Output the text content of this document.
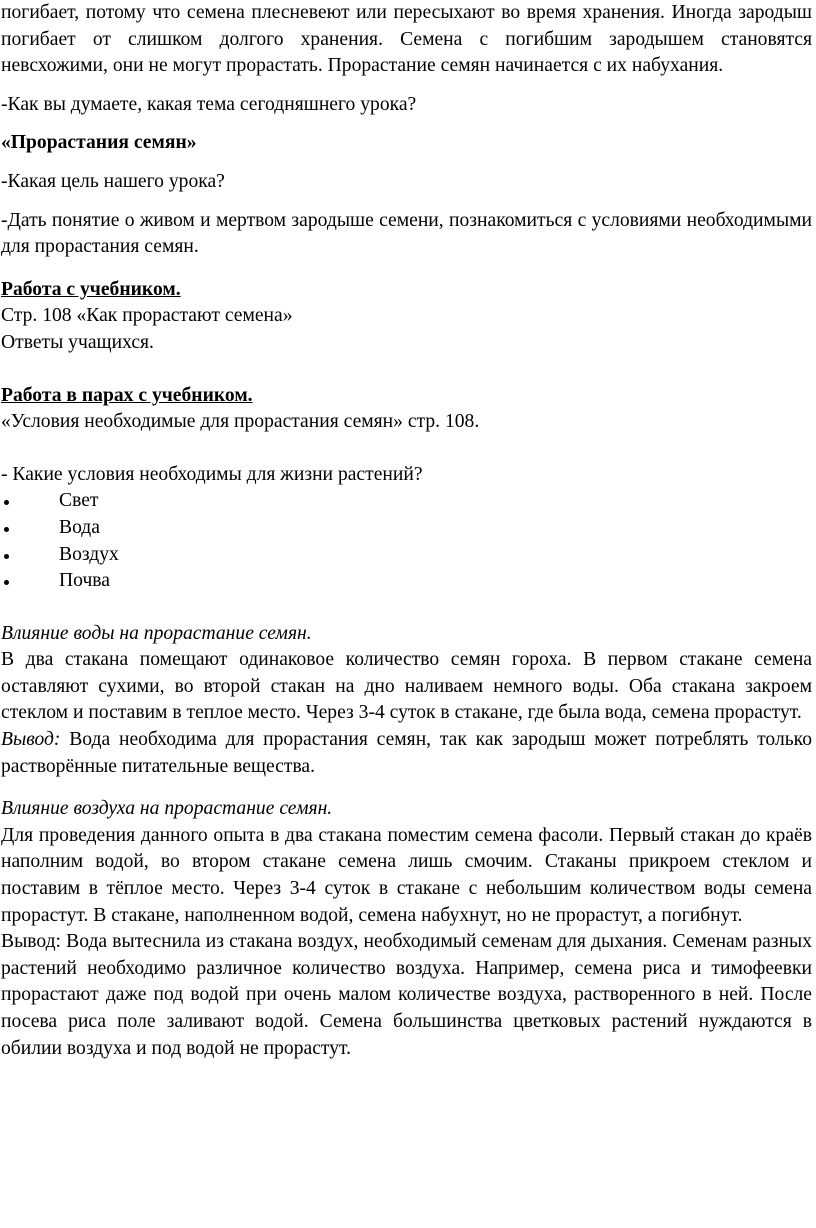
погибает, потому что семена плесневеют или пересыхают во время хранения. Иногда зародыш погибает от слишком долгого хранения. Семена с погибшим зародышем становятся невсхожими, они не могут прорастать. Прорастание семян начинается с их набухания.

-Как вы думаете, какая тема сегодняшнего урока?

«Прорастания семян»

-Какая цель нашего урока?

-Дать понятие о живом и мертвом зародыше семени, познакомиться с условиями необходимыми для прорастания семян.

Работа с учебником.

Стр. 108 «Как прорастают семена»

Ответы учащихся.

Работа в парах с учебником.

«Условия необходимые для прорастания семян» стр. 108.

- Какие условия необходимы для жизни растений?

Свет
Вода
Воздух
Почва

Влияние воды на прорастание семян.

В два стакана помещают одинаковое количество семян гороха. В первом стакане семена оставляют сухими, во второй стакан на дно наливаем немного воды. Оба стакана закроем стеклом и поставим в теплое место. Через 3-4 суток в стакане, где была вода, семена прорастут.

Вывод: Вода необходима для прорастания семян, так как зародыш может потреблять только растворённые питательные вещества.

Влияние воздуха на прорастание семян.

Для проведения данного опыта в два стакана поместим семена фасоли. Первый стакан до краёв наполним водой, во втором стакане семена лишь смочим. Стаканы прикроем стеклом и поставим в тёплое место. Через 3-4 суток в стакане с небольшим количеством воды семена прорастут. В стакане, наполненном водой, семена набухнут, но не прорастут, а погибнут.

Вывод: Вода вытеснила из стакана воздух, необходимый семенам для дыхания. Семенам разных растений необходимо различное количество воздуха. Например, семена риса и тимофеевки прорастают даже под водой при очень малом количестве воздуха, растворенного в ней. После посева риса поле заливают водой. Семена большинства цветковых растений нуждаются в обилии воздуха и под водой не прорастут.
